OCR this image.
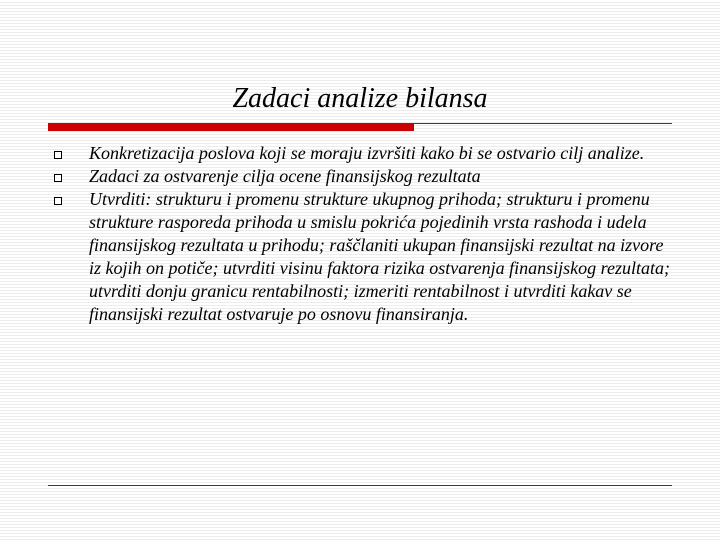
Zadaci analize bilansa
Konkretizacija poslova koji se moraju izvršiti kako bi se ostvario cilj analize.
Zadaci za ostvarenje cilja ocene finansijskog rezultata
Utvrditi: strukturu i promenu strukture ukupnog prihoda; strukturu i promenu strukture rasporeda prihoda u smislu pokrića pojedinih vrsta rashoda i udela finansijskog rezultata u prihodu; raščlaniti ukupan finansijski rezultat na izvore iz kojih on potiče; utvrditi visinu faktora rizika ostvarenja finansijskog rezultata; utvrditi donju granicu rentabilnosti; izmeriti rentabilnost i utvrditi kakav se finansijski rezultat ostvaruje po osnovu finansiranja.
